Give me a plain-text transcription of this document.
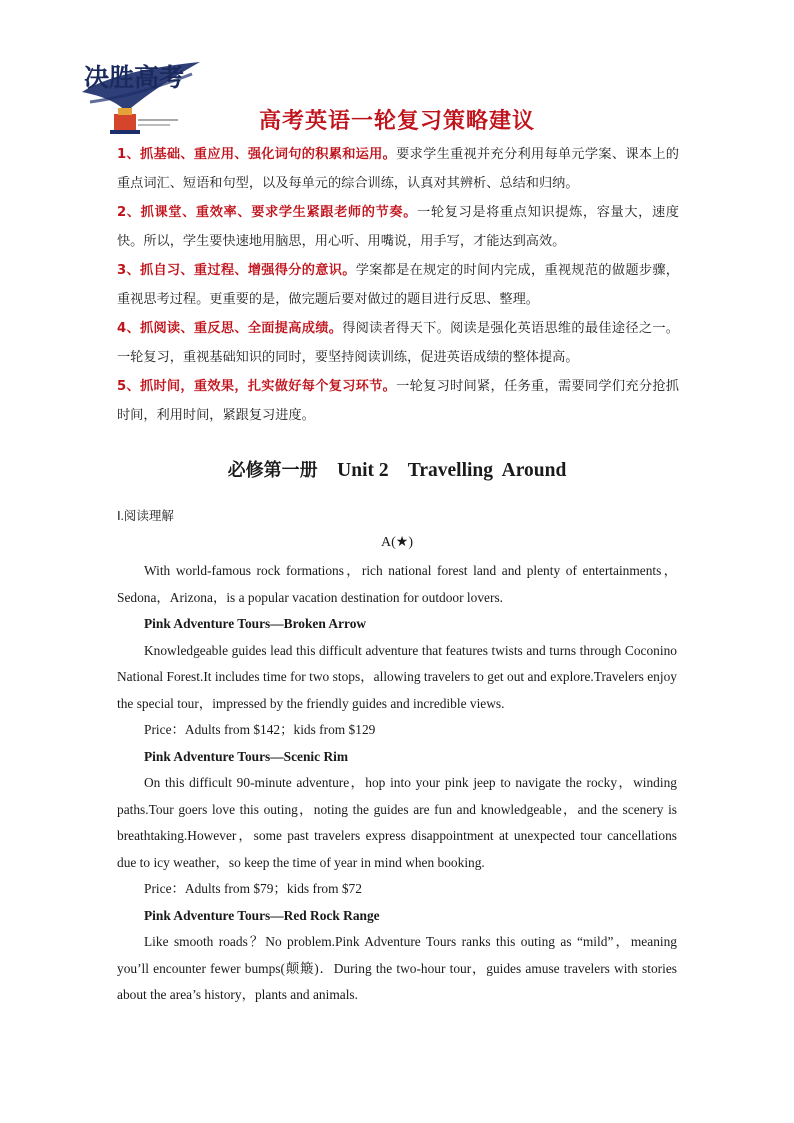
决胜高考
高考英语一轮复习策略建议

1、抓基础、重应用、强化词句的积累和运用。要求学生重视并充分利用每单元学案、课本上的重点词汇、短语和句型，以及每单元的综合训练，认真对其辨析、总结和归纳。

2、抓课堂、重效率、要求学生紧跟老师的节奏。一轮复习是将重点知识提炼，容量大，速度快。所以，学生要快速地用脑思，用心听、用嘴说，用手写，才能达到高效。

3、抓自习、重过程、增强得分的意识。学案都是在规定的时间内完成，重视规范的做题步骤，重视思考过程。更重要的是，做完题后要对做过的题目进行反思、整理。

4、抓阅读、重反思、全面提高成绩。得阅读者得天下。阅读是强化英语思维的最佳途径之一。一轮复习，重视基础知识的同时，要坚持阅读训练，促进英语成绩的整体提高。

5、抓时间，重效果，扎实做好每个复习环节。一轮复习时间紧，任务重，需要同学们充分抢抓时间，利用时间，紧跟复习进度。

必修第一册 Unit 2 Travelling  Around
Ⅰ.阅读理解
A(★)

With world-famous rock formations，rich national forest land and plenty of entertainments，Sedona，Arizona，is a popular vacation destination for outdoor lovers.

Pink Adventure Tours—Broken Arrow

Knowledgeable guides lead this difficult adventure that features twists and turns through Coconino National Forest.It includes time for two stops，allowing travelers to get out and explore.Travelers enjoy the special tour，impressed by the friendly guides and incredible views.

Price：Adults from $142；kids from $129

Pink Adventure Tours—Scenic Rim

On this difficult 90-minute adventure，hop into your pink jeep to navigate the rocky，winding paths.Tour goers love this outing，noting the guides are fun and knowledgeable，and the scenery is breathtaking.However，some past travelers express disappointment at unexpected tour cancellations due to icy weather，so keep the time of year in mind when booking.

Price：Adults from $79；kids from $72

Pink Adventure Tours—Red Rock Range

Like smooth roads？No problem.Pink Adventure Tours ranks this outing as “mild”，meaning you’ll encounter fewer bumps(颠簸)．During the two-hour tour，guides amuse travelers with stories about the area’s history，plants and animals.
